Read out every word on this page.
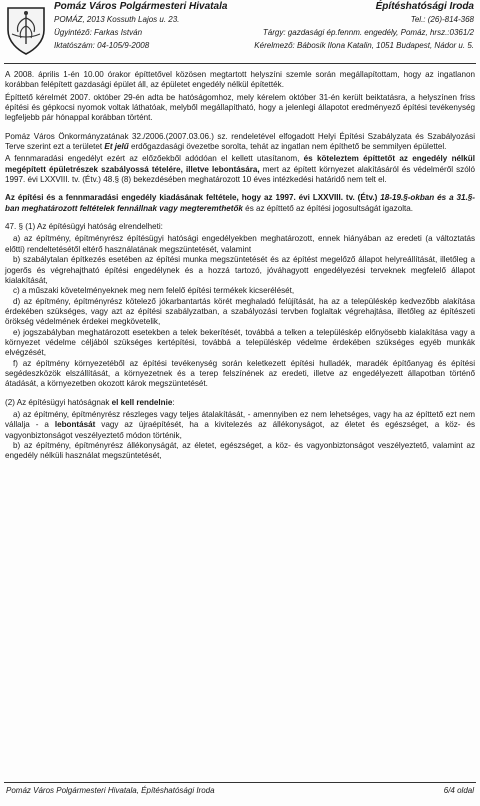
Pomáz Város Polgármesteri Hivatala
POMÁZ, 2013 Kossuth Lajos u. 23.
Ügyintéző: Farkas István
Iktatószám: 04-105/9-2008
Építéshatósági Iroda
Tel.: (26)-814-368
Tárgy: gazdasági ép.fennm. engedély, Pomáz, hrsz.:0361/2
Kérelmező: Bábosik Ilona Katalin, 1051 Budapest, Nádor u. 5.

A 2008. április 1-én 10.00 órakor építtetővel közösen megtartott helyszíni szemle során megállapítottam, hogy az ingatlanon korábban felépített gazdasági épület áll, az épületet engedély nélkül építették.

Építtető kérelmét 2007. október 29-én adta be hatóságomhoz, mely kérelem október 31-én került beiktatásra, a helyszínen friss építési és gépkocsi nyomok voltak láthatóak, melyből megállapítható, hogy a jelenlegi állapotot eredményező építési tevékenység legfeljebb pár hónappal korábban történt.

Pomáz Város Önkormányzatának 32./2006.(2007.03.06.) sz. rendeletével elfogadott Helyi Építési Szabályzata és Szabályozási Terve szerint ezt a területet Et jelű erdőgazdasági övezetbe sorolta, tehát az ingatlan nem építhető be semmilyen épülettel.

A fennmaradási engedélyt ezért az előzőekből adódóan el kellett utasítanom, és köteleztem építtetőt az engedély nélkül megépített épületrészek szabályossá tételére, illetve lebontására, mert az épített környezet alakításáról és védelméről szóló 1997. évi LXXVIII. tv. (Étv.) 48.§ (8) bekezdésében meghatározott 10 éves intézkedési határidő nem telt el.

Az építési és a fennmaradási engedély kiadásának feltétele, hogy az 1997. évi LXXVIII. tv. (Étv.) 18-19.§-okban és a 31.§-ban meghatározott feltételek fennállnak vagy megteremthetők és az építtető az építési jogosultságát igazolta.

47. § (1) Az építésügyi hatóság elrendelheti:

a) az építmény, építményrész építésügyi hatósági engedélyekben meghatározott, ennek hiányában az eredeti (a változtatás előtti) rendeltetésétől eltérő használatának megszüntetését, valamint

b) szabálytalan építkezés esetében az építési munka megszüntetését és az építést megelőző állapot helyreállítását, illetőleg a jogerős és végrehajtható építési engedélynek és a hozzá tartozó, jóváhagyott engedélyezési terveknek megfelelő állapot kialakítását,

c) a műszaki követelményeknek meg nem felelő építési termékek kicserélését,

d) az építmény, építményrész kötelező jókarbantartás körét meghaladó felújítását, ha az a településkép kedvezőbb alakítása érdekében szükséges, vagy azt az építési szabályzatban, a szabályozási tervben foglaltak végrehajtása, illetőleg az építészeti örökség védelmének érdekei megkövetelik,

e) jogszabályban meghatározott esetekben a telek bekerítését, továbbá a telken a településkép előnyösebb kialakítása vagy a környezet védelme céljából szükséges kertépítési, továbbá a településkép védelme érdekében szükséges egyéb munkák elvégzését,

f) az építmény környezetéből az építési tevékenység során keletkezett építési hulladék, maradék építőanyag és építési segédeszközök elszállítását, a környezetnek és a terep felszínének az eredeti, illetve az engedélyezett állapotban történő átadását, a környezetben okozott károk megszüntetését.

(2) Az építésügyi hatóságnak el kell rendelnie:

a) az építmény, építményrész részleges vagy teljes átalakítását, - amennyiben ez nem lehetséges, vagy ha az építtető ezt nem vállalja - a lebontását vagy az újraépítését, ha a kivitelezés az állékonyságot, az életet és egészséget, a köz- és vagyonbiztonságot veszélyeztető módon történik,

b) az építmény, építményrész állékonyságát, az életet, egészséget, a köz- és vagyonbiztonságot veszélyeztető, valamint az engedély nélküli használat megszüntetését,

Pomáz Város Polgármesteri Hivatala, Építéshatósági Iroda	6/4 oldal
